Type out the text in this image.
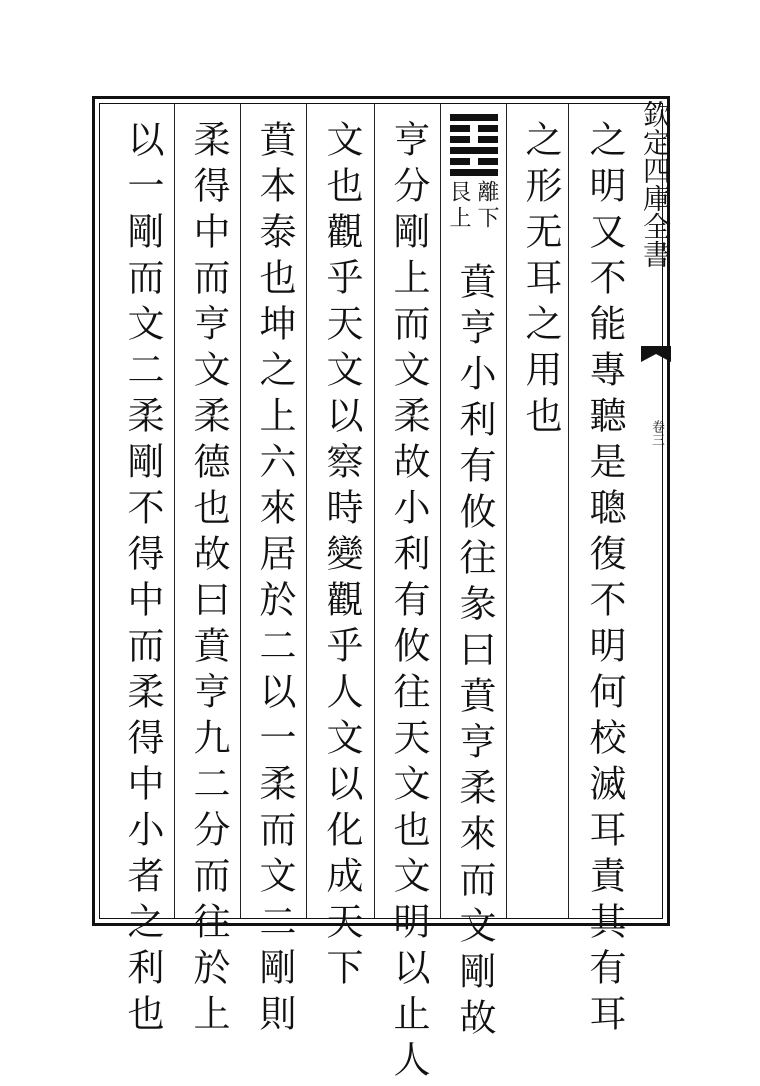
欽定四庫全書
卷三
之明又不能專聽是聰復不明何校滅耳責其有耳
之形无耳之用也
離下
艮上
賁亨小利有攸往彖曰賁亨柔來而文剛故
亨分剛上而文柔故小利有攸往天文也文明以止人
文也觀乎天文以察時變觀乎人文以化成天下
賁本泰也坤之上六來居於二以一柔而文二剛則
柔得中而亨文柔德也故曰賁亨九二分而往於上
以一剛而文二柔剛不得中而柔得中小者之利也
